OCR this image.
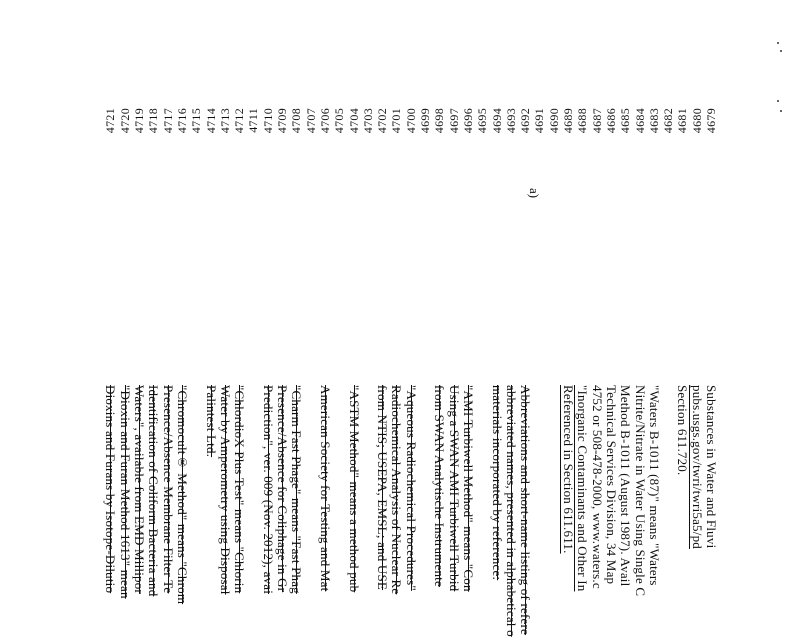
4679
Substances in Water and Fluvi
4680
pubs.usgs.gov/twri/twri5a5/pd
4681
Section 611.720.
4682
4683
"Waters B-1011 (87)" means "Waters
4684
Nitrite/Nitrate in Water Using Single C
4685
Method B-1011 (August 1987). Avail
4686
Technical Services Division, 34 Map
4687
4752 or 508-478-2000, www.waters.c
4688
"Inorganic Contaminants and Other In
4689
Referenced in Section 611.611.
4690
4691
4692
Abbreviations and short-name listing of refere
4693
abbreviated names, presented in alphabetical o
4694
materials incorporated by reference:
4695
4696
"AMI Turbiwell Method" means "Con
4697
Using a SWAN AMI Turbiwell Turbid
4698
from SWAN Analytische Instrumente
4699
4700
"Aqueous Radiochemical Procedures"
4701
Radiochemical Analysis of Nuclear Re
4702
from NTIS; USEPA, EMSL; and USE
4703
4704
"ASTM Method" means a method pub
4705
4706
American Society for Testing and Mat
4707
4708
"Charm Fast Phage" means "Fast Phag
4709
Presence/Absence for Coliphage in Gr
4710
Prediction", ver. 009 (Nov. 2012), avai
4711
4712
"ChlordioX Plus Test" means "Chlorin
4713
Water by Amperometry using Disposal
4714
Palintest Ltd.
4715
4716
"Chromocult® Method" means "Chrom
4717
Presence/Absence Membrane Filter Te
4718
Identification of Coliform Bacteria and
4719
Waters", available from EMD Millipor
4720
"Dioxin and Furan Method 1613" mean
4721
Dioxins and Furans by Isotope-Dilutio
a)
